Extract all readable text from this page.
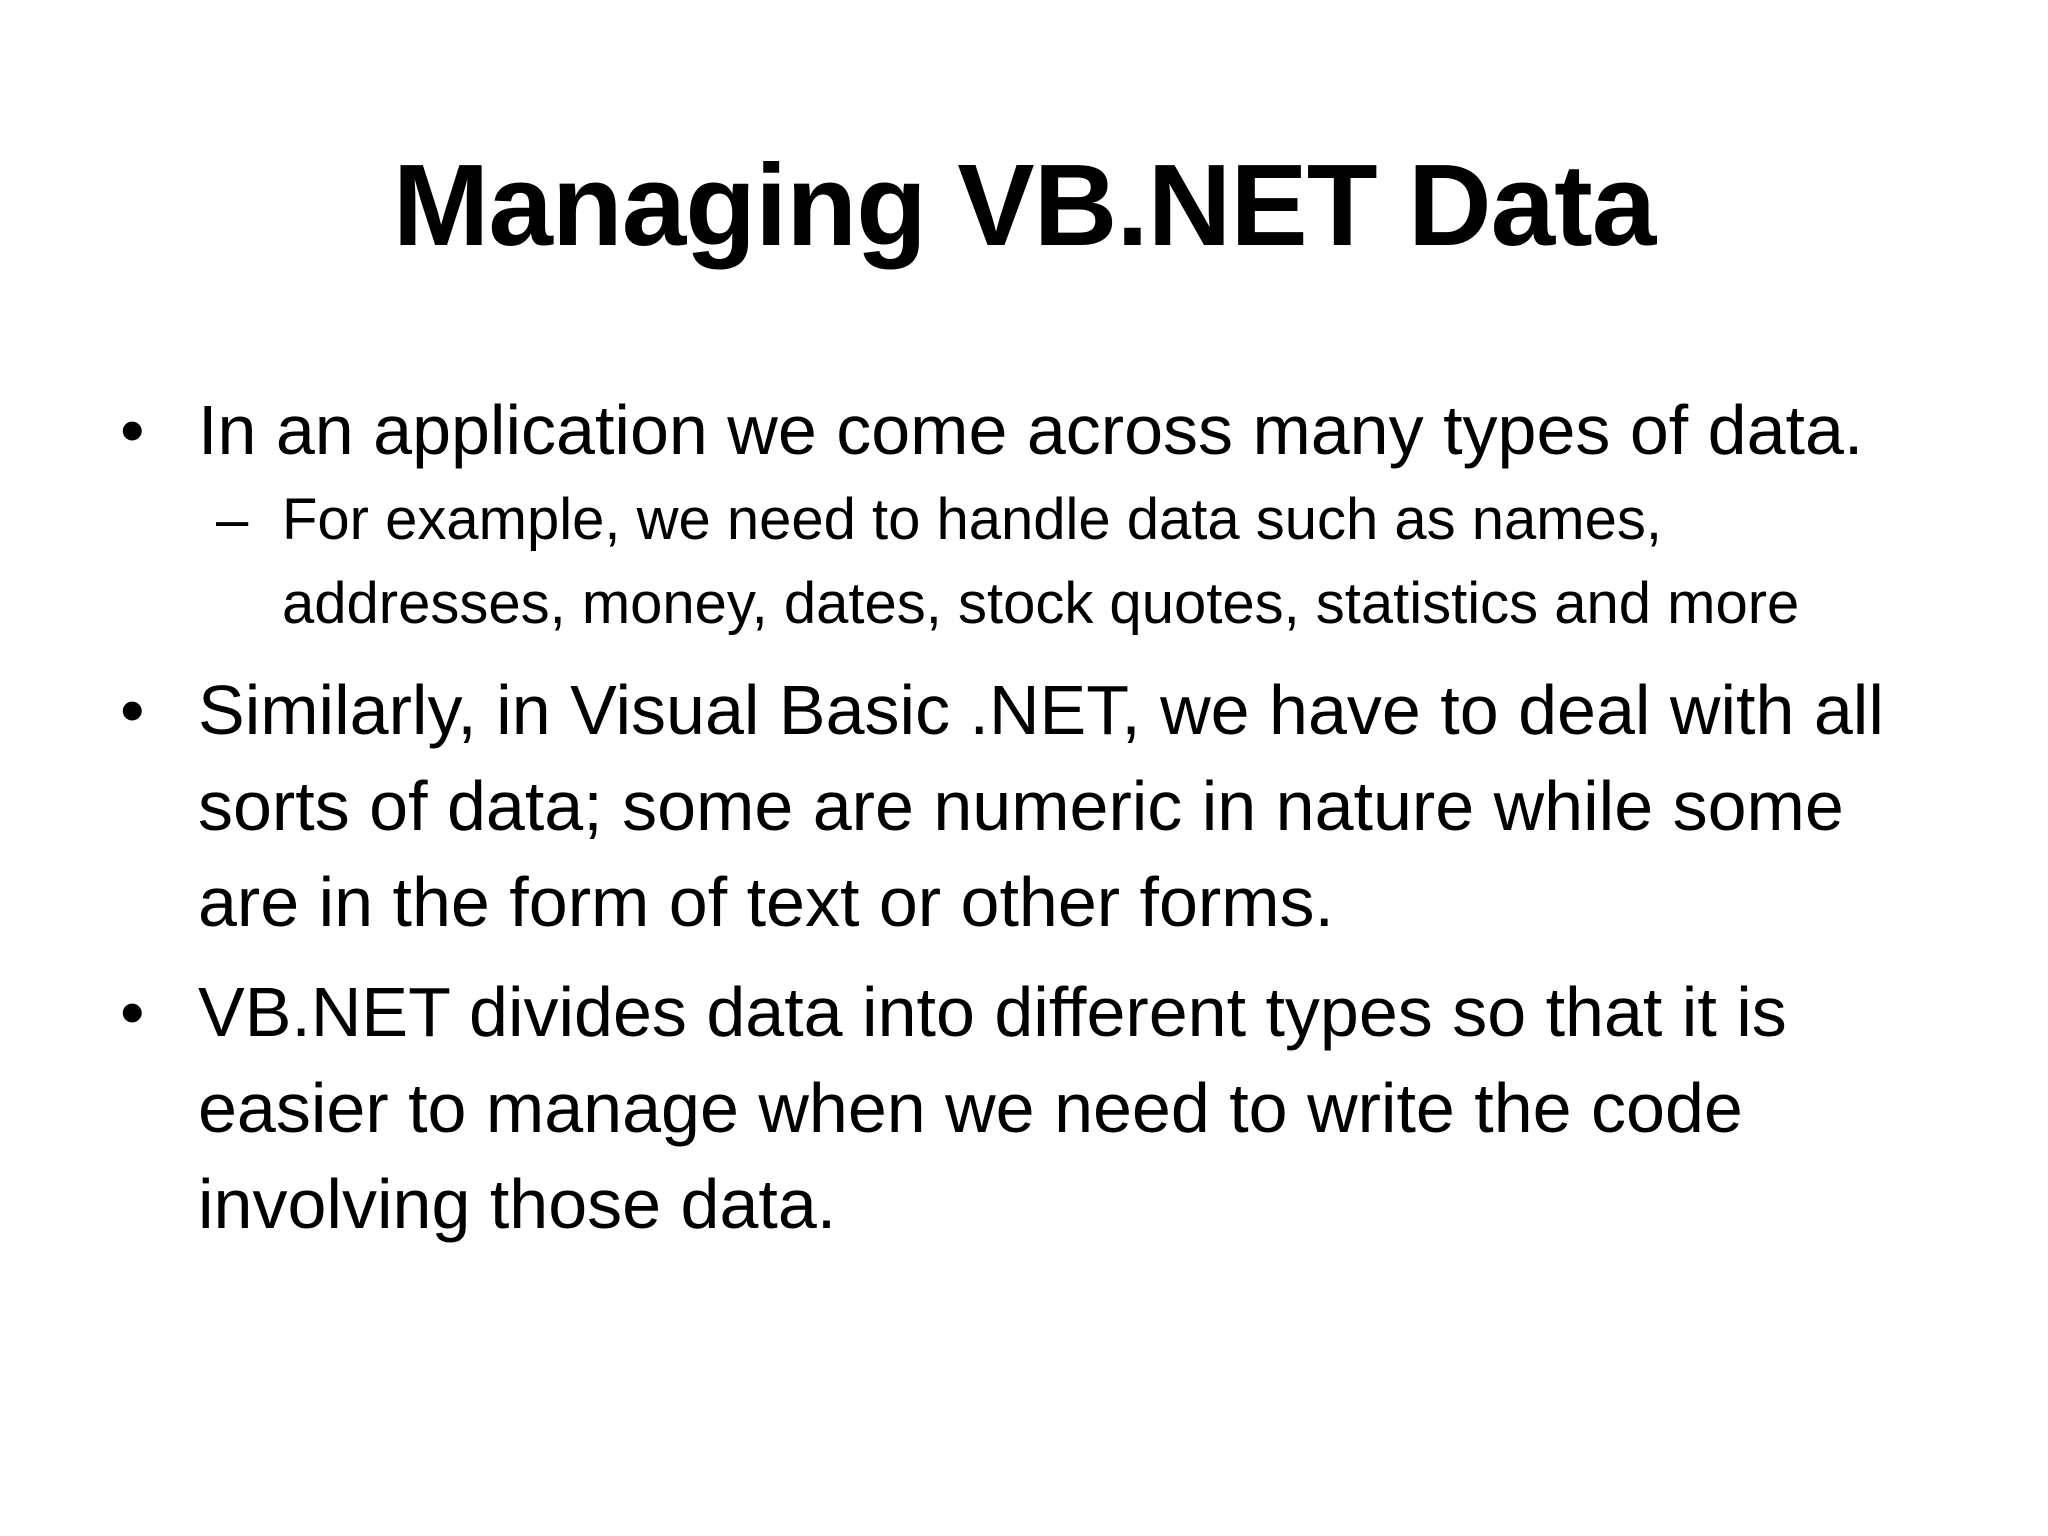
Managing VB.NET Data
• In an application we come across many types of data.
– For example, we need to handle data such as names, addresses, money, dates, stock quotes, statistics and more
• Similarly, in Visual Basic .NET, we have to deal with all sorts of data; some are numeric in nature while some are in the form of text or other forms.
• VB.NET divides data into different types so that it is easier to manage when we need to write the code involving those data.
